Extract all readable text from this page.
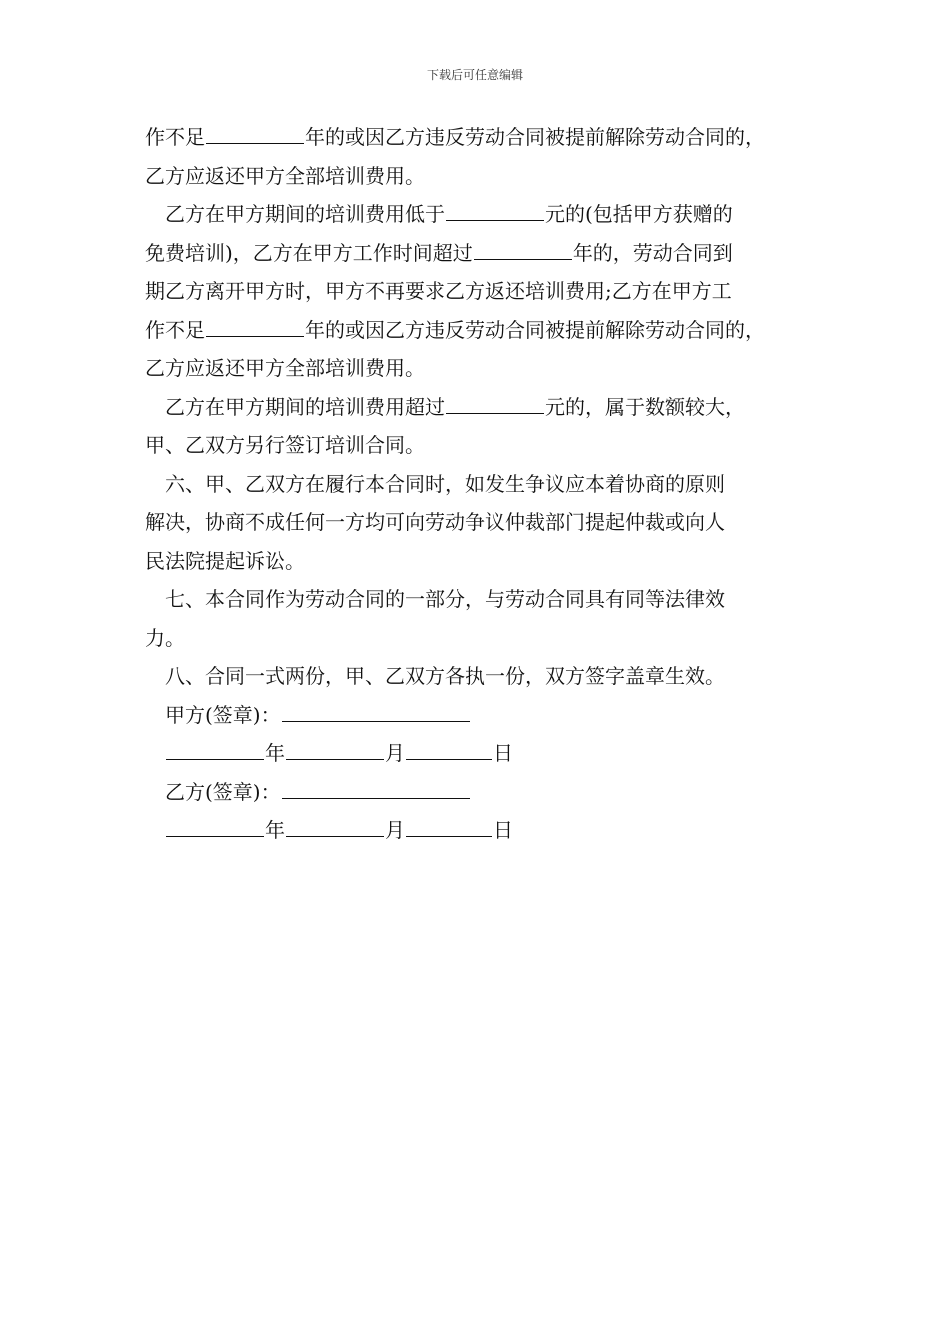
下载后可任意编辑
作不足	年的或因乙方违反劳动合同被提前解除劳动合同的，
乙方应返还甲方全部培训费用。
乙方在甲方期间的培训费用低于	元的(包括甲方获赠的
免费培训)，乙方在甲方工作时间超过	年的，劳动合同到
期乙方离开甲方时，甲方不再要求乙方返还培训费用;乙方在甲方工
作不足	年的或因乙方违反劳动合同被提前解除劳动合同的，
乙方应返还甲方全部培训费用。
乙方在甲方期间的培训费用超过	元的，属于数额较大，
甲、乙双方另行签订培训合同。
六、甲、乙双方在履行本合同时，如发生争议应本着协商的原则
解决，协商不成任何一方均可向劳动争议仲裁部门提起仲裁或向人
民法院提起诉讼。
七、本合同作为劳动合同的一部分，与劳动合同具有同等法律效
力。
八、合同一式两份，甲、乙双方各执一份，双方签字盖章生效。
甲方(签章)：
年	月	日
乙方(签章)：
年	月	日
